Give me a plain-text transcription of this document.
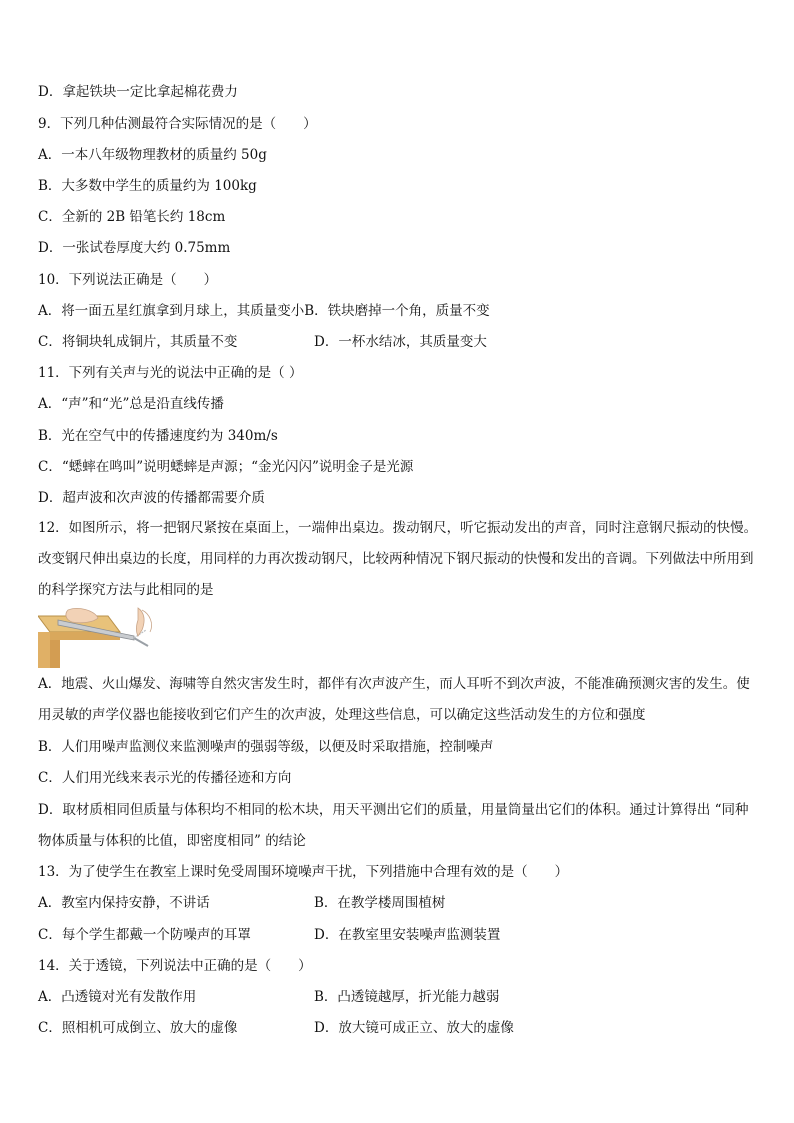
D．拿起铁块一定比拿起棉花费力
9．下列几种估测最符合实际情况的是（　　）
A．一本八年级物理教材的质量约 50g
B．大多数中学生的质量约为 100kg
C．全新的 2B 铅笔长约 18cm
D．一张试卷厚度大约 0.75mm
10．下列说法正确是（　　）
A．将一面五星红旗拿到月球上，其质量变小B．铁块磨掉一个角，质量不变
C．将铜块轧成铜片，其质量不变	D．一杯水结冰，其质量变大
11．下列有关声与光的说法中正确的是（ ）
A．“声”和“光”总是沿直线传播
B．光在空气中的传播速度约为 340m/s
C．“蟋蟀在鸣叫”说明蟋蟀是声源；“金光闪闪”说明金子是光源
D．超声波和次声波的传播都需要介质
12．如图所示，将一把钢尺紧按在桌面上，一端伸出桌边。拨动钢尺，听它振动发出的声音，同时注意钢尺振动的快慢。改变钢尺伸出桌边的长度，用同样的力再次拨动钢尺，比较两种情况下钢尺振动的快慢和发出的音调。下列做法中所用到的科学探究方法与此相同的是
A．地震、火山爆发、海啸等自然灾害发生时，都伴有次声波产生，而人耳听不到次声波，不能准确预测灾害的发生。使用灵敏的声学仪器也能接收到它们产生的次声波，处理这些信息，可以确定这些活动发生的方位和强度
B．人们用噪声监测仪来监测噪声的强弱等级，以便及时采取措施，控制噪声
C．人们用光线来表示光的传播径迹和方向
D．取材质相同但质量与体积均不相同的松木块，用天平测出它们的质量，用量筒量出它们的体积。通过计算得出 “同种物体质量与体积的比值，即密度相同” 的结论
13．为了使学生在教室上课时免受周围环境噪声干扰，下列措施中合理有效的是（　　）
A．教室内保持安静，不讲话	B．在教学楼周围植树
C．每个学生都戴一个防噪声的耳罩	D．在教室里安装噪声监测装置
14．关于透镜，下列说法中正确的是（　　）
A．凸透镜对光有发散作用	B．凸透镜越厚，折光能力越弱
C．照相机可成倒立、放大的虚像	D．放大镜可成正立、放大的虚像
